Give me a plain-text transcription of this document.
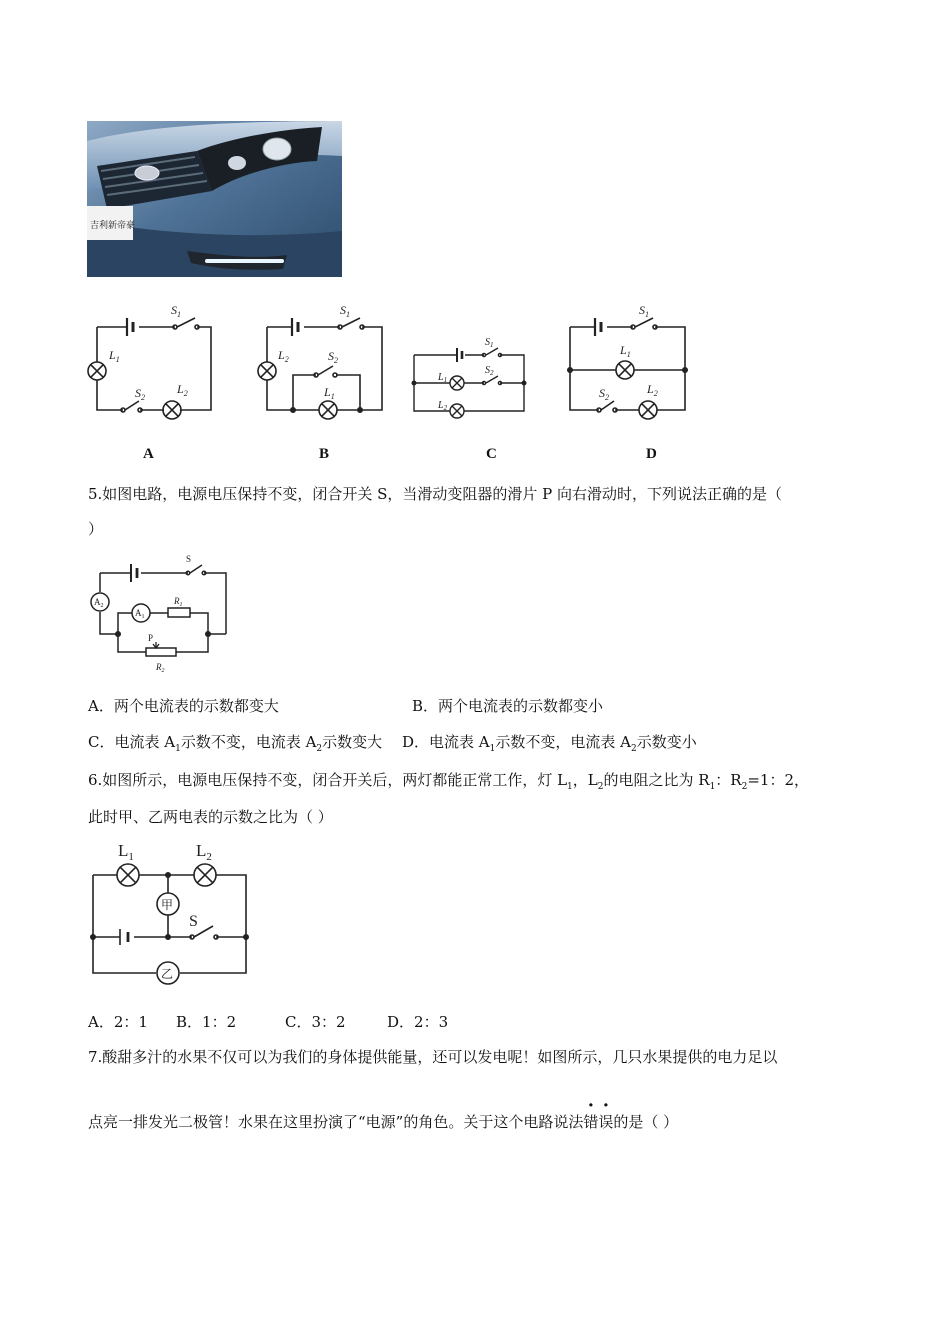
吉利新帝豪
$S_1$
$L_1$
$S_2$
$L_2$
$S_1$
$L_2$	$S_2$
$L_1$
$S_1$
$S_2$
$L_1$
$L_2$
$S_1$
$L_1$
$S_2$
$L_2$
A	B	C	D
5.如图电路，电源电压保持不变，闭合开关 S，当滑动变阻器的滑片 P 向右滑动时，下列说法正确的是（
）
S
$A_2$
$A_1$
$R_1$
P
$R_2$
A．两个电流表的示数都变大	B．两个电流表的示数都变小
C．电流表 $A_1$示数不变，电流表 $A_2$示数变大 D．电流表 $A_1$示数不变，电流表 $A_2$示数变小
6.如图所示，电源电压保持不变，闭合开关后，两灯都能正常工作，灯 $L_1$，$L_2$的电阻之比为 $R_1$：$R_2=1$：2，
此时甲、乙两电表的示数之比为（ ）
$L_1$	$L_2$
S
甲
乙
A．2：1 B．1：2	C．3：2	D．2：3
7.酸甜多汁的水果不仅可以为我们的身体提供能量，还可以发电呢！如图所示，几只水果提供的电力足以
点亮一排发光二极管！水果在这里扮演了“电源”的角色。关于这个电路说法错误的是（ ）
